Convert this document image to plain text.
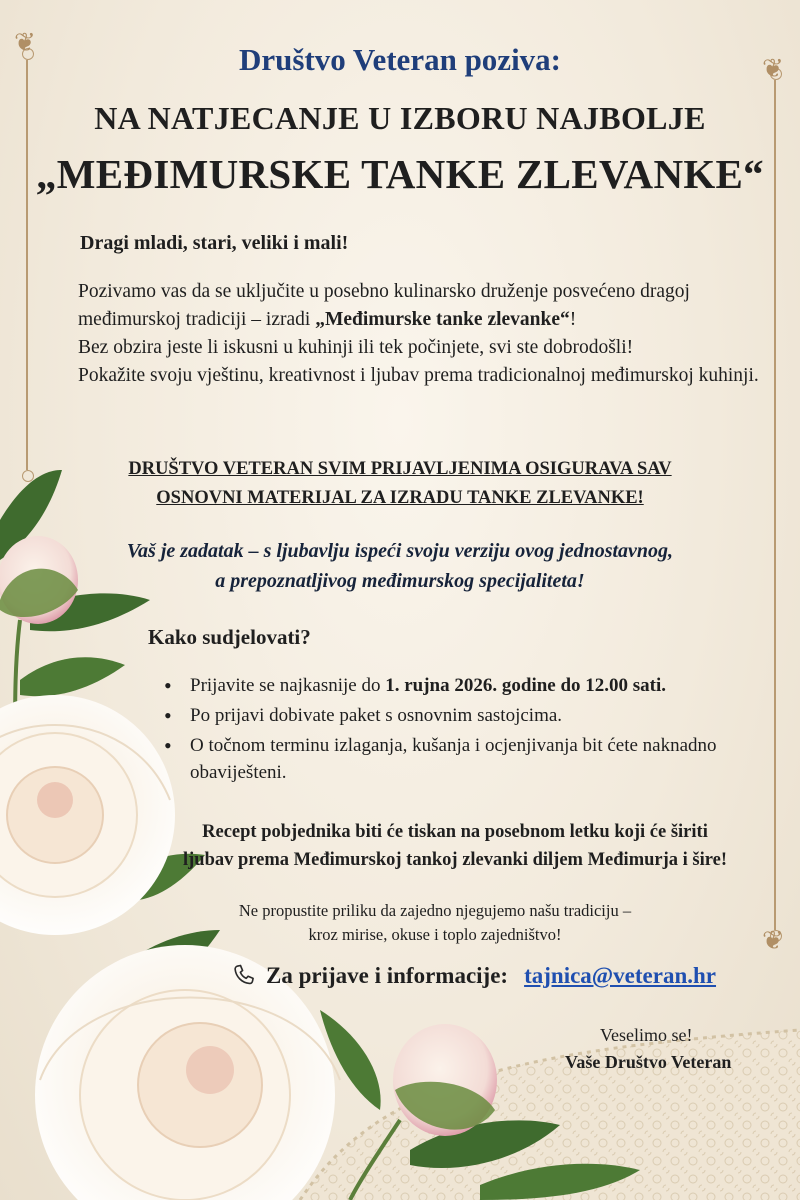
❦
❦
❦

Društvo Veteran poziva:

NA NATJECANJE U IZBORU NAJBOLJE

„MEĐIMURSKE TANKE ZLEVANKE“

Dragi mladi, stari, veliki i mali!

Pozivamo vas da se uključite u posebno kulinarsko druženje posvećeno dragoj međimurskoj tradiciji – izradi „Međimurske tanke zlevanke“!
Bez obzira jeste li iskusni u kuhinji ili tek počinjete, svi ste dobrodošli!
Pokažite svoju vještinu, kreativnost i ljubav prema tradicionalnoj međimurskoj kuhinji.

DRUŠTVO VETERAN SVIM PRIJAVLJENIMA OSIGURAVA SAV

OSNOVNI MATERIJAL ZA IZRADU TANKE ZLEVANKE!

Vaš je zadatak – s ljubavlju ispeći svoju verziju ovog jednostavnog,

a prepoznatljivog međimurskog specijaliteta!

Kako sudjelovati?

• Prijavite se najkasnije do 1. rujna 2026. godine do 12.00 sati.
• Po prijavi dobivate paket s osnovnim sastojcima.
• O točnom terminu izlaganja, kušanja i ocjenjivanja bit ćete naknadno obaviješteni.

Recept pobjednika biti će tiskan na posebnom letku koji će širiti

ljubav prema Međimurskoj tankoj zlevanki diljem Međimurja i šire!

Ne propustite priliku da zajedno njegujemo našu tradiciju –

kroz mirise, okuse i toplo zajedništvo!

Za prijave i informacije: tajnica@veteran.hr

Veselimo se!

Vaše Društvo Veteran
